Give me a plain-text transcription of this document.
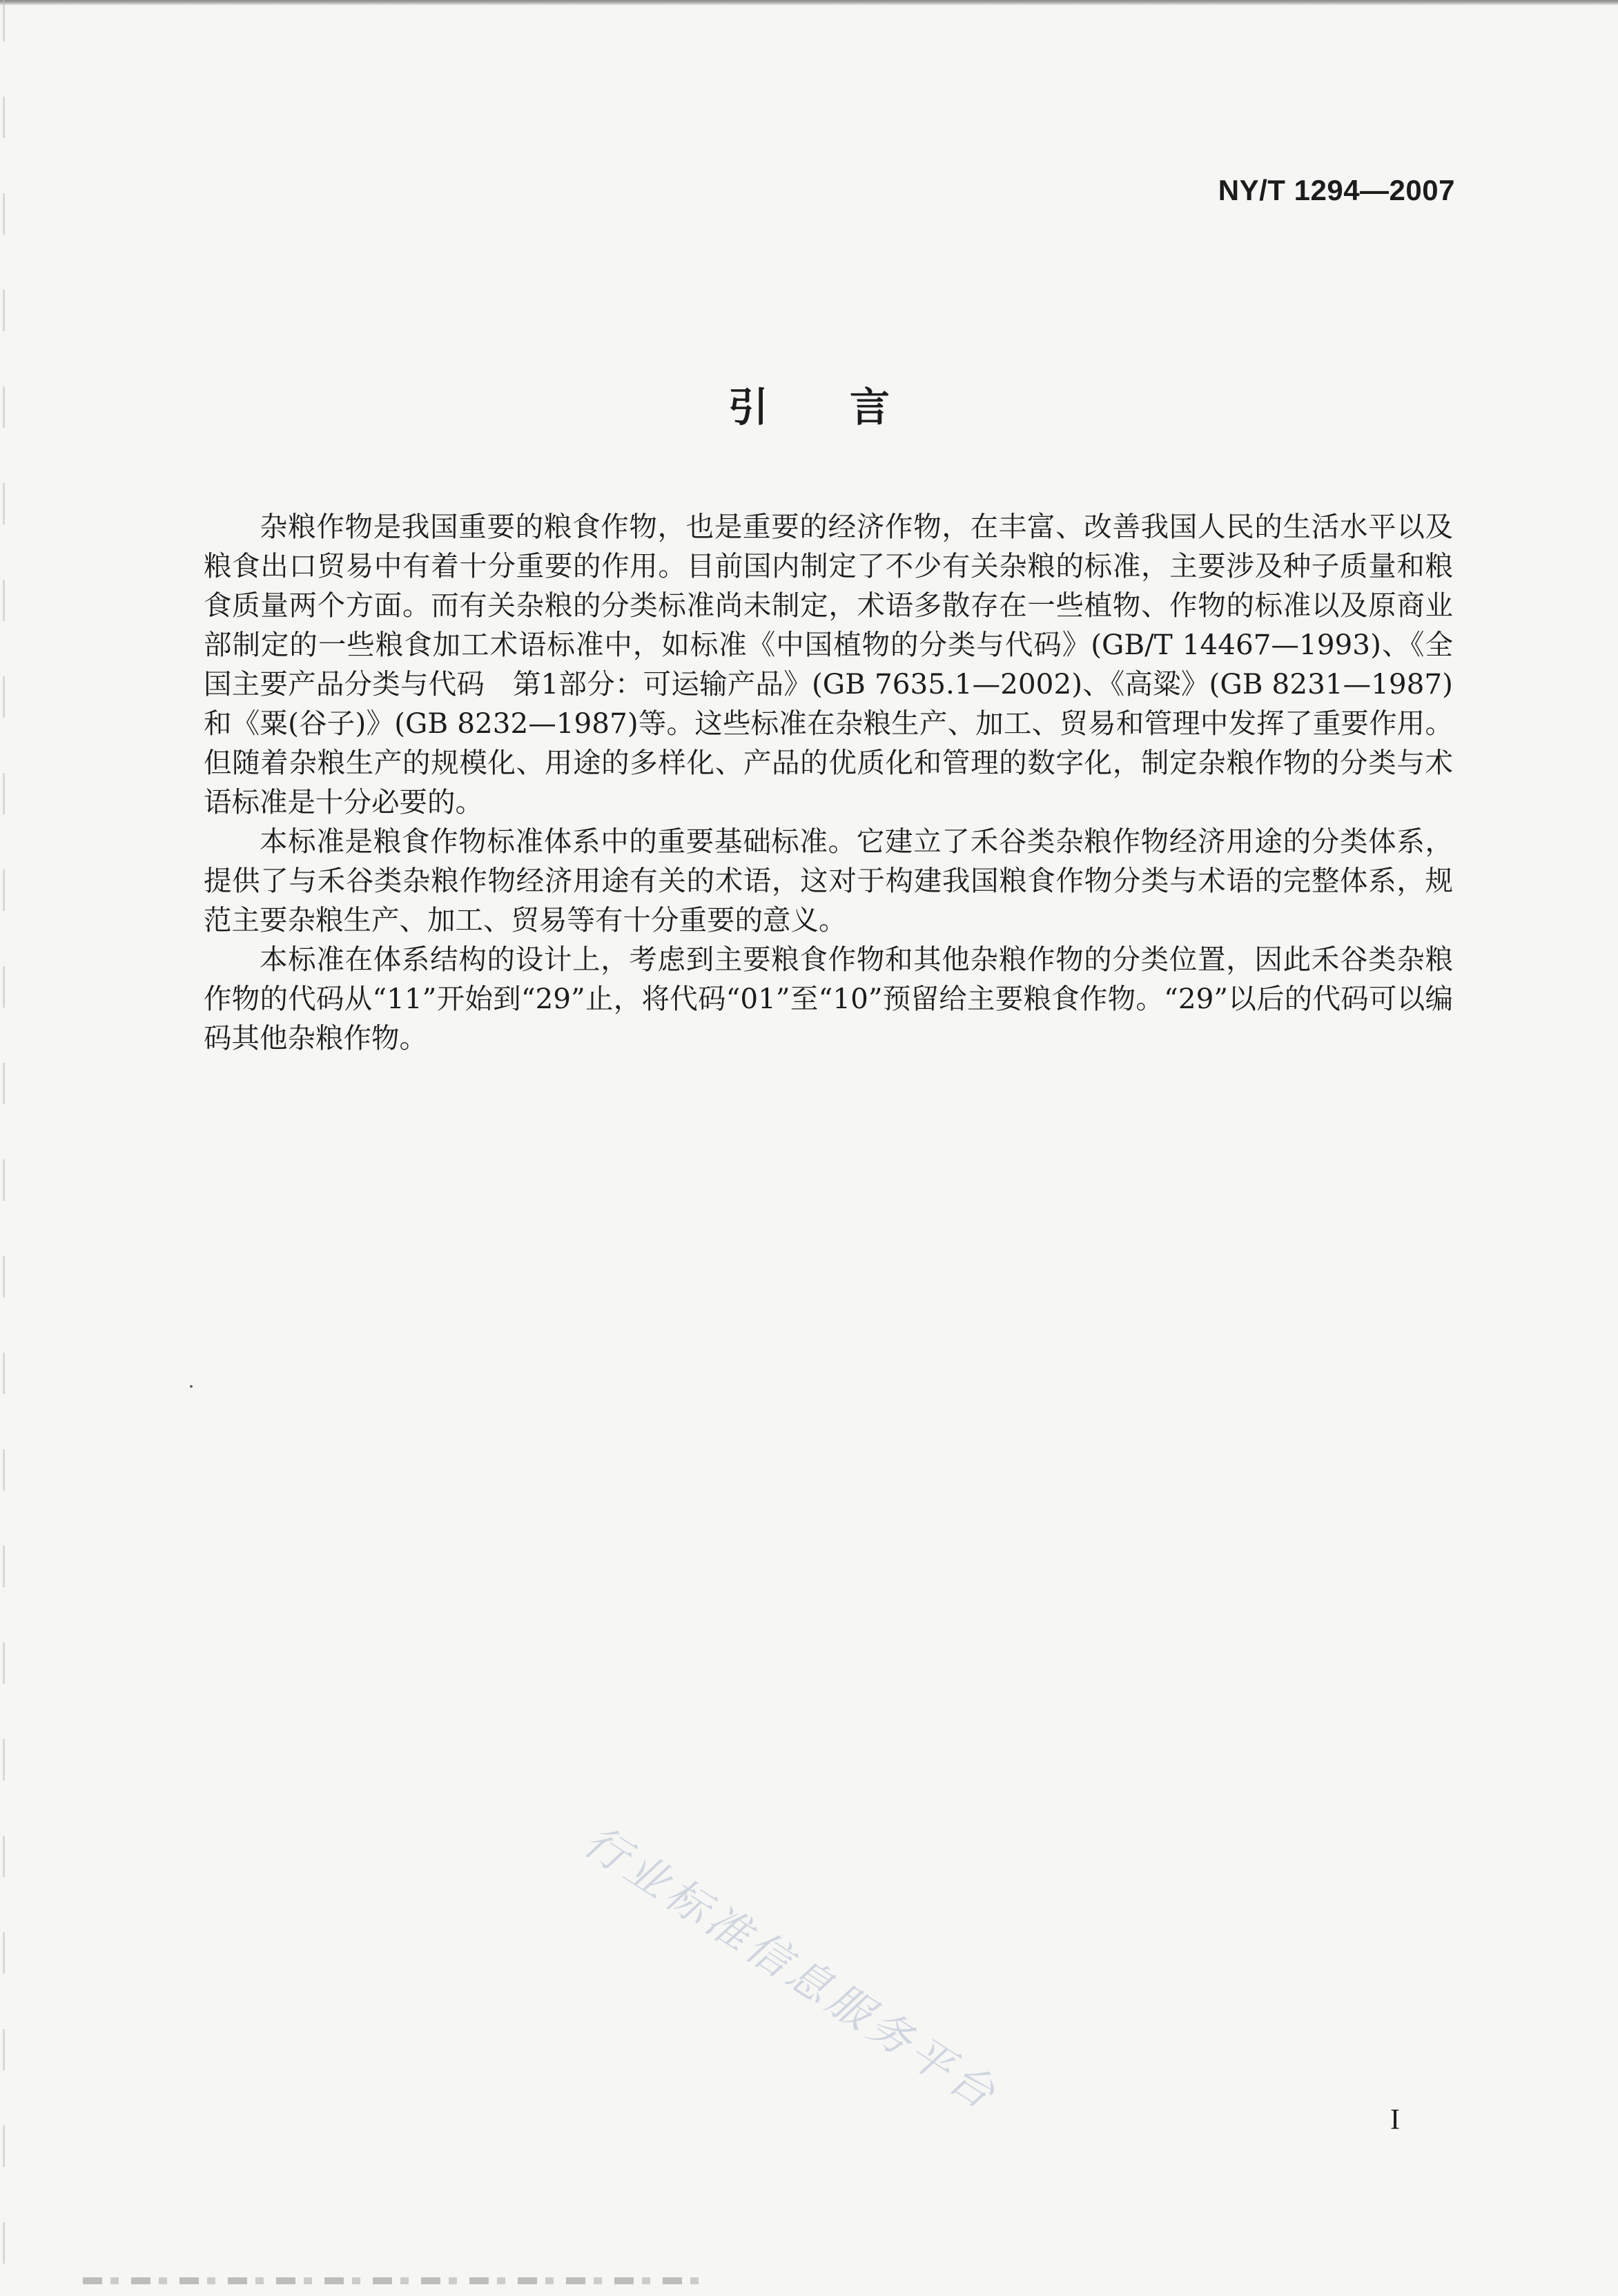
NY/T 1294—2007
引言

杂粮作物是我国重要的粮食作物，也是重要的经济作物，在丰富、改善我国人民的生活水平以及粮食出口贸易中有着十分重要的作用。目前国内制定了不少有关杂粮的标准，主要涉及种子质量和粮食质量两个方面。而有关杂粮的分类标准尚未制定，术语多散存在一些植物、作物的标准以及原商业部制定的一些粮食加工术语标准中，如标准《中国植物的分类与代码》(GB/T 14467—1993)、《全国主要产品分类与代码　第1部分：可运输产品》(GB 7635.1—2002)、《高粱》(GB 8231—1987)和《粟(谷子)》(GB 8232—1987)等。这些标准在杂粮生产、加工、贸易和管理中发挥了重要作用。但随着杂粮生产的规模化、用途的多样化、产品的优质化和管理的数字化，制定杂粮作物的分类与术语标准是十分必要的。

本标准是粮食作物标准体系中的重要基础标准。它建立了禾谷类杂粮作物经济用途的分类体系，提供了与禾谷类杂粮作物经济用途有关的术语，这对于构建我国粮食作物分类与术语的完整体系，规范主要杂粮生产、加工、贸易等有十分重要的意义。

本标准在体系结构的设计上，考虑到主要粮食作物和其他杂粮作物的分类位置，因此禾谷类杂粮作物的代码从“11”开始到“29”止，将代码“01”至“10”预留给主要粮食作物。“29”以后的代码可以编码其他杂粮作物。

行业标准信息服务平台	I
